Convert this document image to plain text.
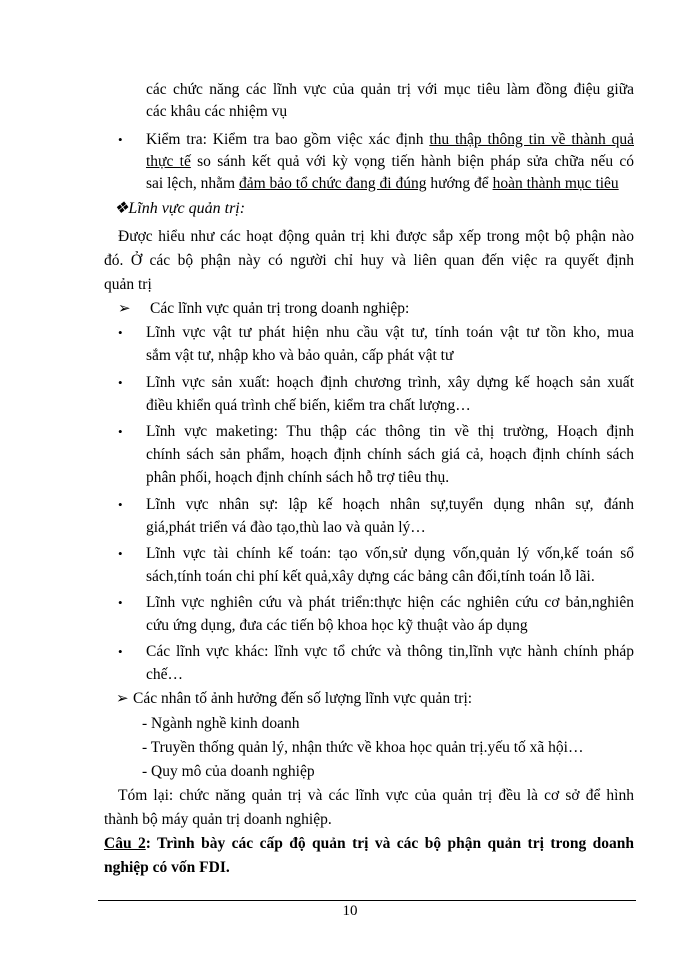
các chức năng các lĩnh vực của quản trị với mục tiêu làm đồng điệu giữa
các khâu các nhiệm vụ
• Kiểm tra: Kiểm tra bao gồm việc xác định thu thập thông tin về thành quả
thực tế so sánh kết quả với kỳ vọng tiến hành biện pháp sửa chữa nếu có
sai lệch, nhằm đảm bảo tổ chức đang đi đúng hướng để hoàn thành mục tiêu
❖Lĩnh vực quản trị:
Được hiểu như các hoạt động quản trị khi được sắp xếp trong một bộ phận nào
đó. Ở các bộ phận này có người chỉ huy và liên quan đến việc ra quyết định
quản trị
➢ Các lĩnh vực quản trị trong doanh nghiệp:
• Lĩnh vực vật tư phát hiện nhu cầu vật tư, tính toán vật tư tồn kho, mua
sắm vật tư, nhập kho và bảo quản, cấp phát vật tư
• Lĩnh vực sản xuất: hoạch định chương trình, xây dựng kế hoạch sản xuất
điều khiển quá trình chế biến, kiểm tra chất lượng…
• Lĩnh vực maketing: Thu thập các thông tin về thị trường, Hoạch định
chính sách sản phẩm, hoạch định chính sách giá cả, hoạch định chính sách
phân phối, hoạch định chính sách hỗ trợ tiêu thụ.
• Lĩnh vực nhân sự: lập kế hoạch nhân sự,tuyển dụng nhân sự, đánh
giá,phát triển vá đào tạo,thù lao và quản lý…
• Lĩnh vực tài chính kế toán: tạo vốn,sử dụng vốn,quản lý vốn,kế toán sổ
sách,tính toán chi phí kết quả,xây dựng các bảng cân đối,tính toán lỗ lãi.
• Lĩnh vực nghiên cứu và phát triển:thực hiện các nghiên cứu cơ bản,nghiên
cứu ứng dụng, đưa các tiến bộ khoa học kỹ thuật vào áp dụng
• Các lĩnh vực khác: lĩnh vực tổ chức và thông tin,lĩnh vực hành chính pháp
chế…
➢ Các nhân tố ảnh hưởng đến số lượng lĩnh vực quản trị:
- Ngành nghề kinh doanh
- Truyền thống quản lý, nhận thức về khoa học quản trị.yếu tố xã hội…
- Quy mô của doanh nghiệp
Tóm lại: chức năng quản trị và các lĩnh vực của quản trị đều là cơ sở để hình
thành bộ máy quản trị doanh nghiệp.
Câu 2: Trình bày các cấp độ quản trị và các bộ phận quản trị trong doanh
nghiệp có vốn FDI.
10
